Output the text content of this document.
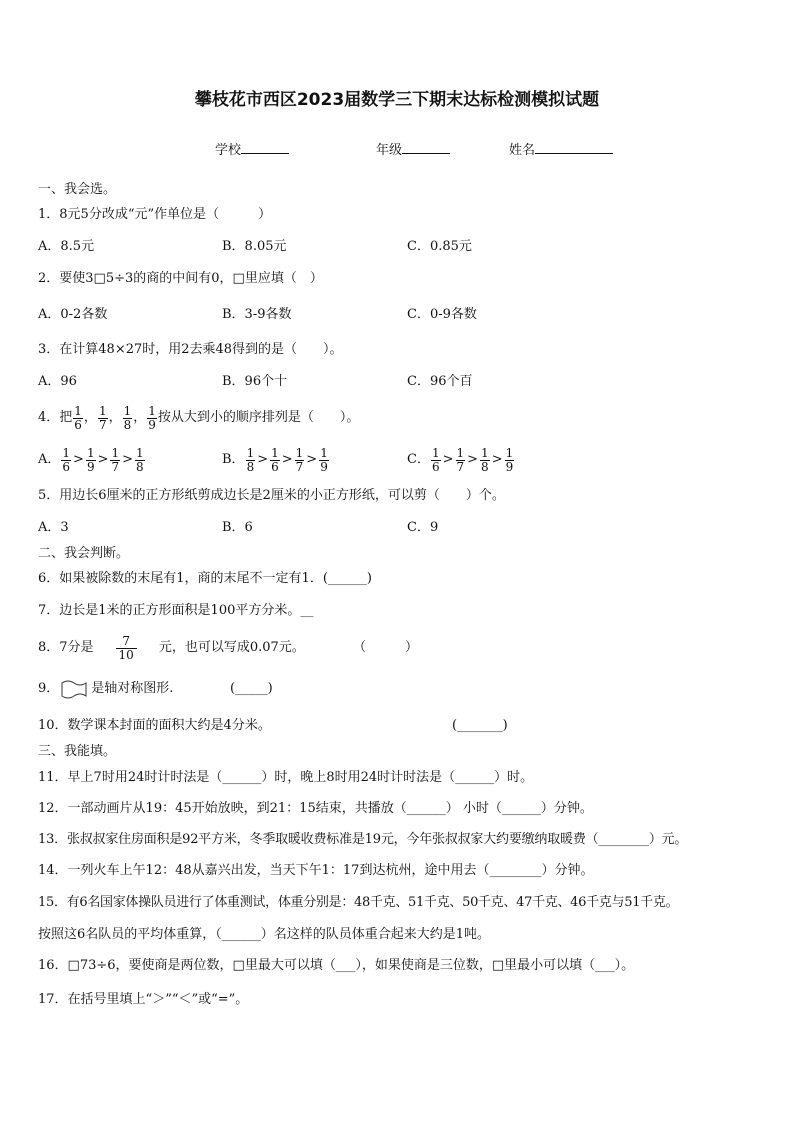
攀枝花市西区2023届数学三下期末达标检测模拟试题
学校	年级	姓名
一、我会选。
1．8元5分改成“元”作单位是（　　　）
A．8.5元	B．8.05元	C．0.85元
2．要使3□5÷3的商的中间有0，□里应填（　）
A．0-2各数	B．3-9各数	C．0-9各数
3．在计算48×27时，用2去乘48得到的是（　　）。
A．96	B．96个十	C．96个百
4．把 $\frac{1}{6}$ ， $\frac{1}{7}$ ， $\frac{1}{8}$ ， $\frac{1}{9}$ 按从大到小的顺序排列是（　　）。
A． $\frac{1}{6} > \frac{1}{9} > \frac{1}{7} > \frac{1}{8}$	B． $\frac{1}{8} > \frac{1}{6} > \frac{1}{7} > \frac{1}{9}$	C． $\frac{1}{6} > \frac{1}{7} > \frac{1}{8} > \frac{1}{9}$
5．用边长6厘米的正方形纸剪成边长是2厘米的小正方形纸，可以剪（　　）个。
A．3	B．6	C．9
二、我会判断。
6．如果被除数的末尾有1，商的末尾不一定有1．(______)
7．边长是1米的正方形面积是100平方分米。__
8．7分是 $\frac{7}{10}$ 元，也可以写成0.07元。	（　　　）
9． 是轴对称图形.	(_____)
10．数学课本封面的面积大约是4分米。	(_______)
三、我能填。
11．早上7时用24时计时法是（______）时，晚上8时用24时计时法是（______）时。
12．一部动画片从19：45开始放映，到21：15结束，共播放（______） 小时（______）分钟。
13．张叔叔家住房面积是92平方米，冬季取暖收费标准是19元，今年张叔叔家大约要缴纳取暖费（________）元。
14．一列火车上午12：48从嘉兴出发，当天下午1：17到达杭州，途中用去（________）分钟。
15．有6名国家体操队员进行了体重测试，体重分别是：48千克、51千克、50千克、47千克、46千克与51千克。
按照这6名队员的平均体重算，（______）名这样的队员体重合起来大约是1吨。
16．□73÷6，要使商是两位数，□里最大可以填（___），如果使商是三位数，□里最小可以填（___）。
17．在括号里填上“＞”“＜”或“=”。
